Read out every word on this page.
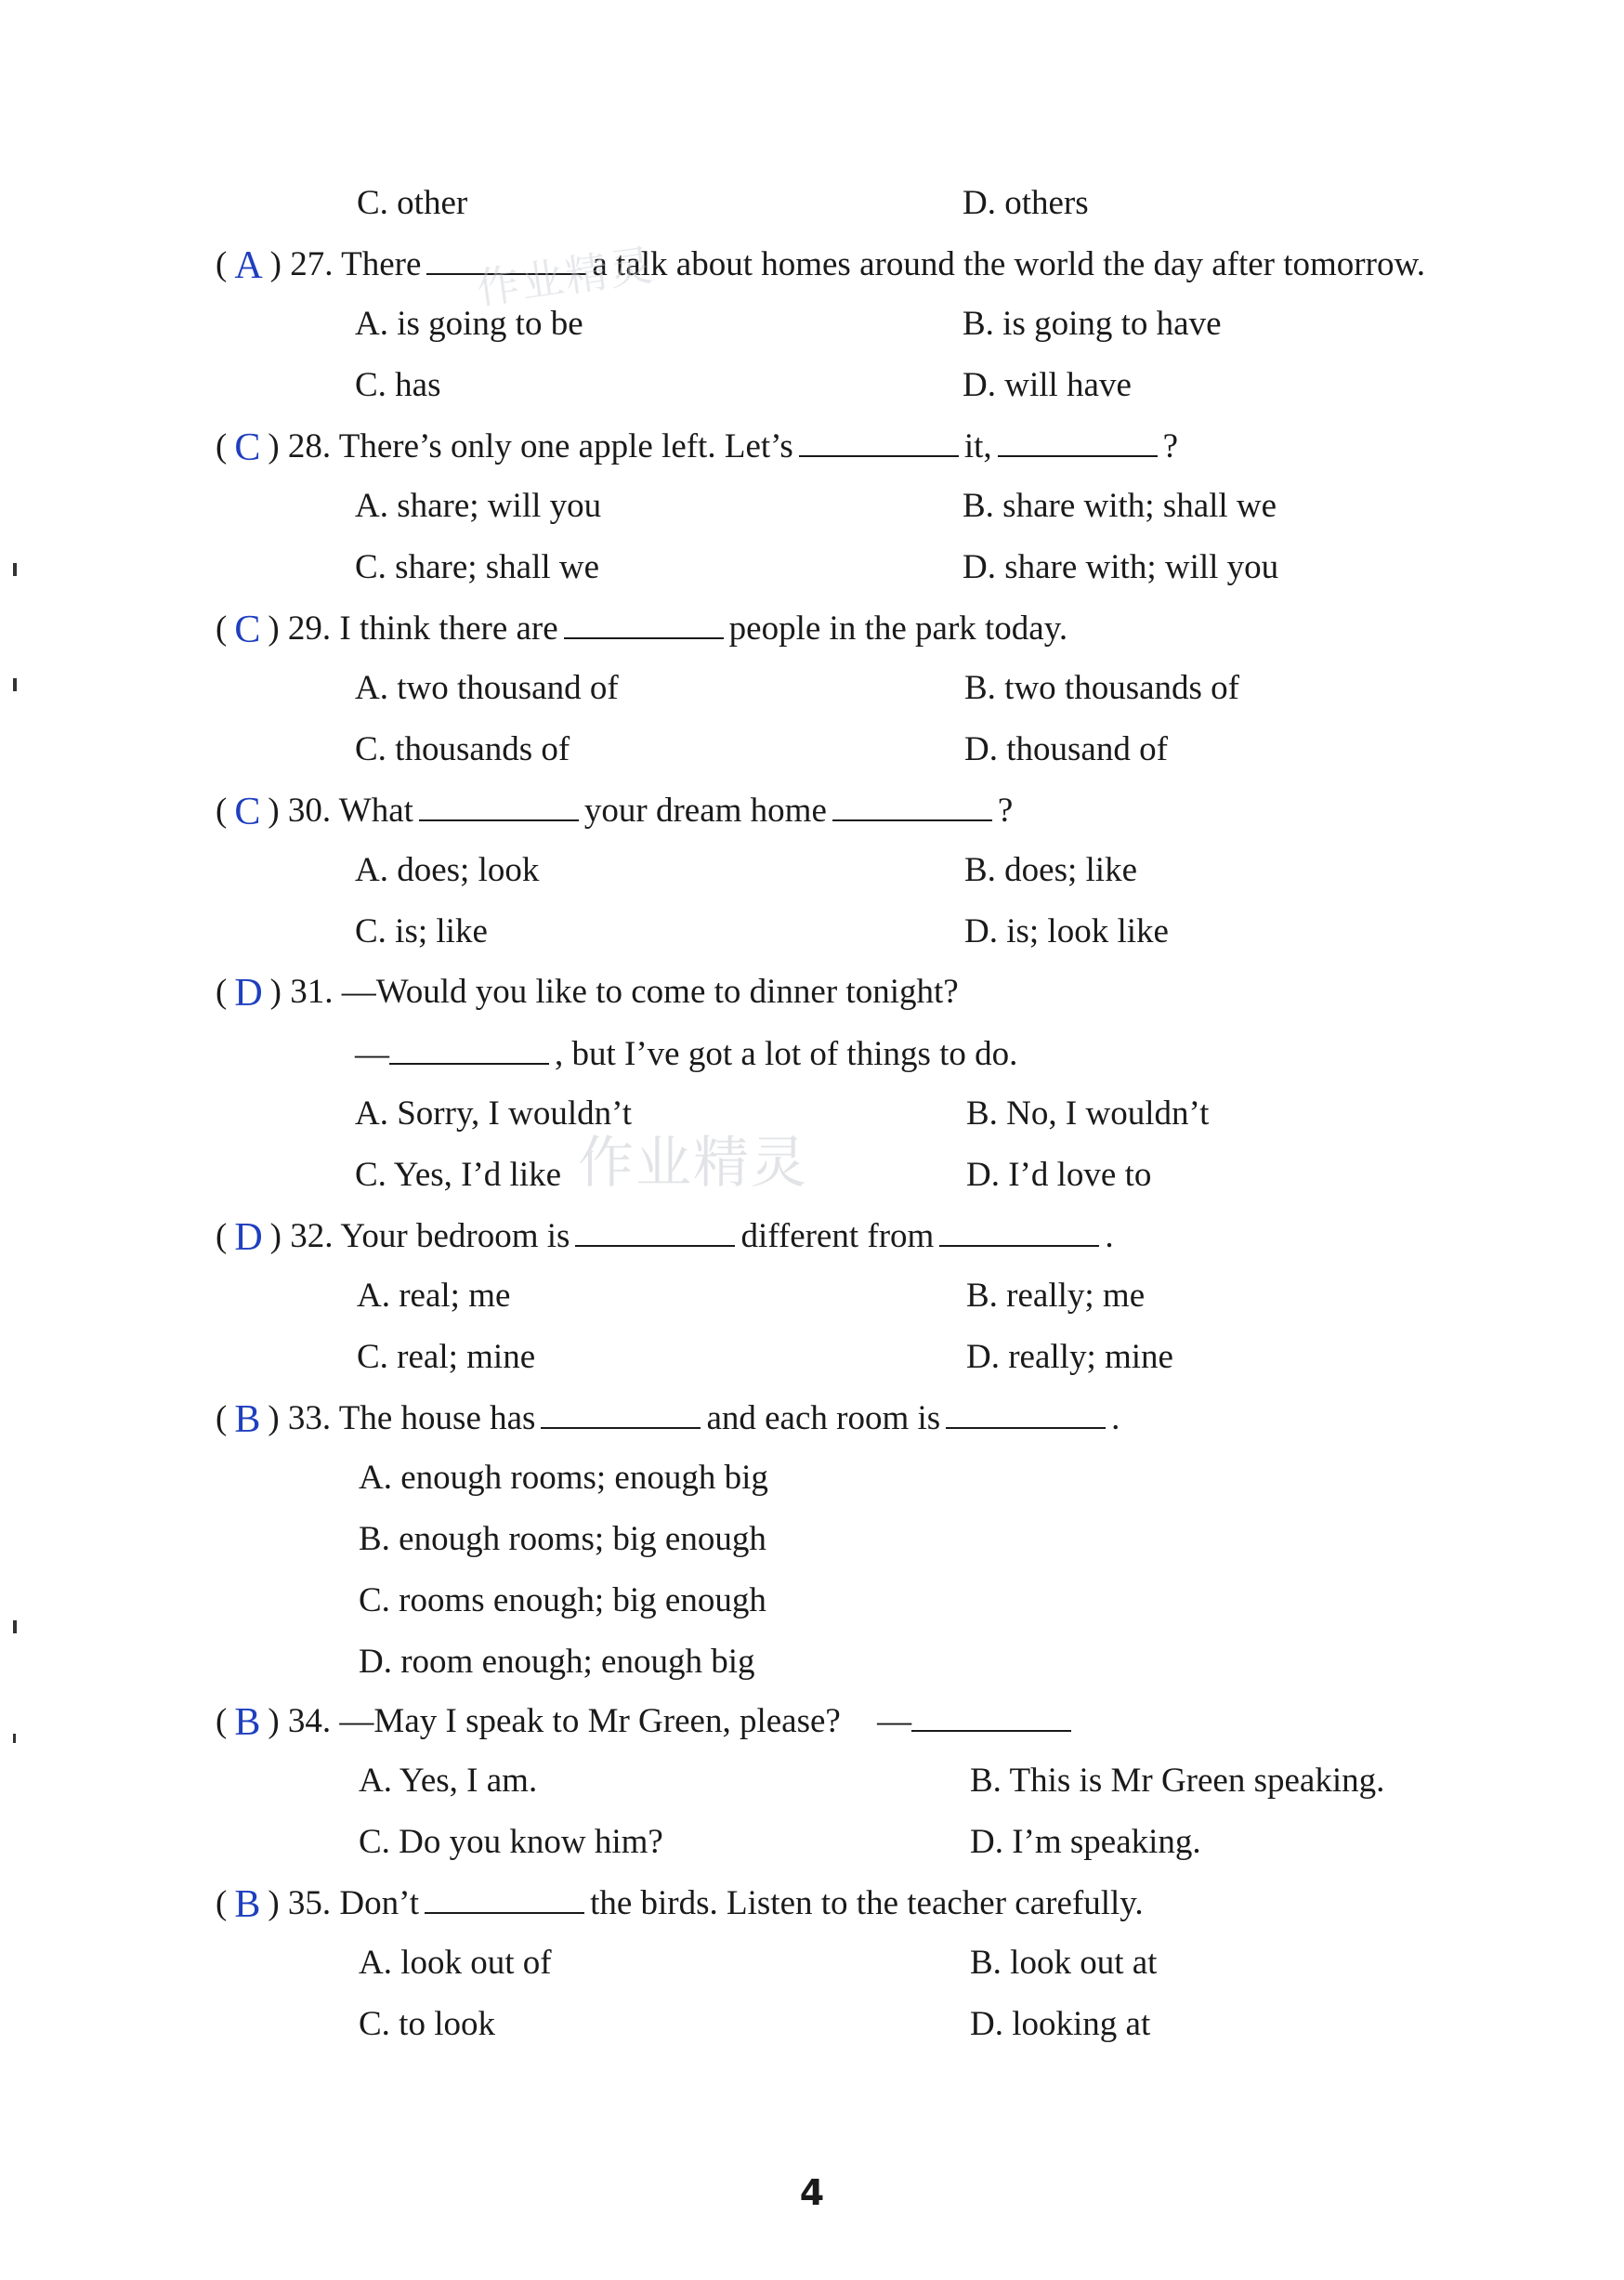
C. other	D. others
( A ) 27. There	a talk about homes around the world the day after tomorrow.
A. is going to be	B. is going to have
C. has	D. will have
( C ) 28. There’s only one apple left. Let’s	it,	?
A. share; will you	B. share with; shall we
C. share; shall we	D. share with; will you
( C ) 29. I think there are	people in the park today.
A. two thousand of	B. two thousands of
C. thousands of	D. thousand of
( C ) 30. What	your dream home	?
A. does; look	B. does; like
C. is; like	D. is; look like
( D ) 31. —Would you like to come to dinner tonight?
—	, but I’ve got a lot of things to do.
A. Sorry, I wouldn’t	B. No, I wouldn’t
C. Yes, I’d like	D. I’d love to
( D ) 32. Your bedroom is	different from	.
A. real; me	B. really; me
C. real; mine	D. really; mine
( B ) 33. The house has	and each room is	.
A. enough rooms; enough big
B. enough rooms; big enough
C. rooms enough; big enough
D. room enough; enough big
( B ) 34. —May I speak to Mr Green, please? —
A. Yes, I am.	B. This is Mr Green speaking.
C. Do you know him?	D. I’m speaking.
( B ) 35. Don’t	the birds. Listen to the teacher carefully.
A. look out of	B. look out at
C. to look	D. looking at
作业精灵
作业精灵
4
